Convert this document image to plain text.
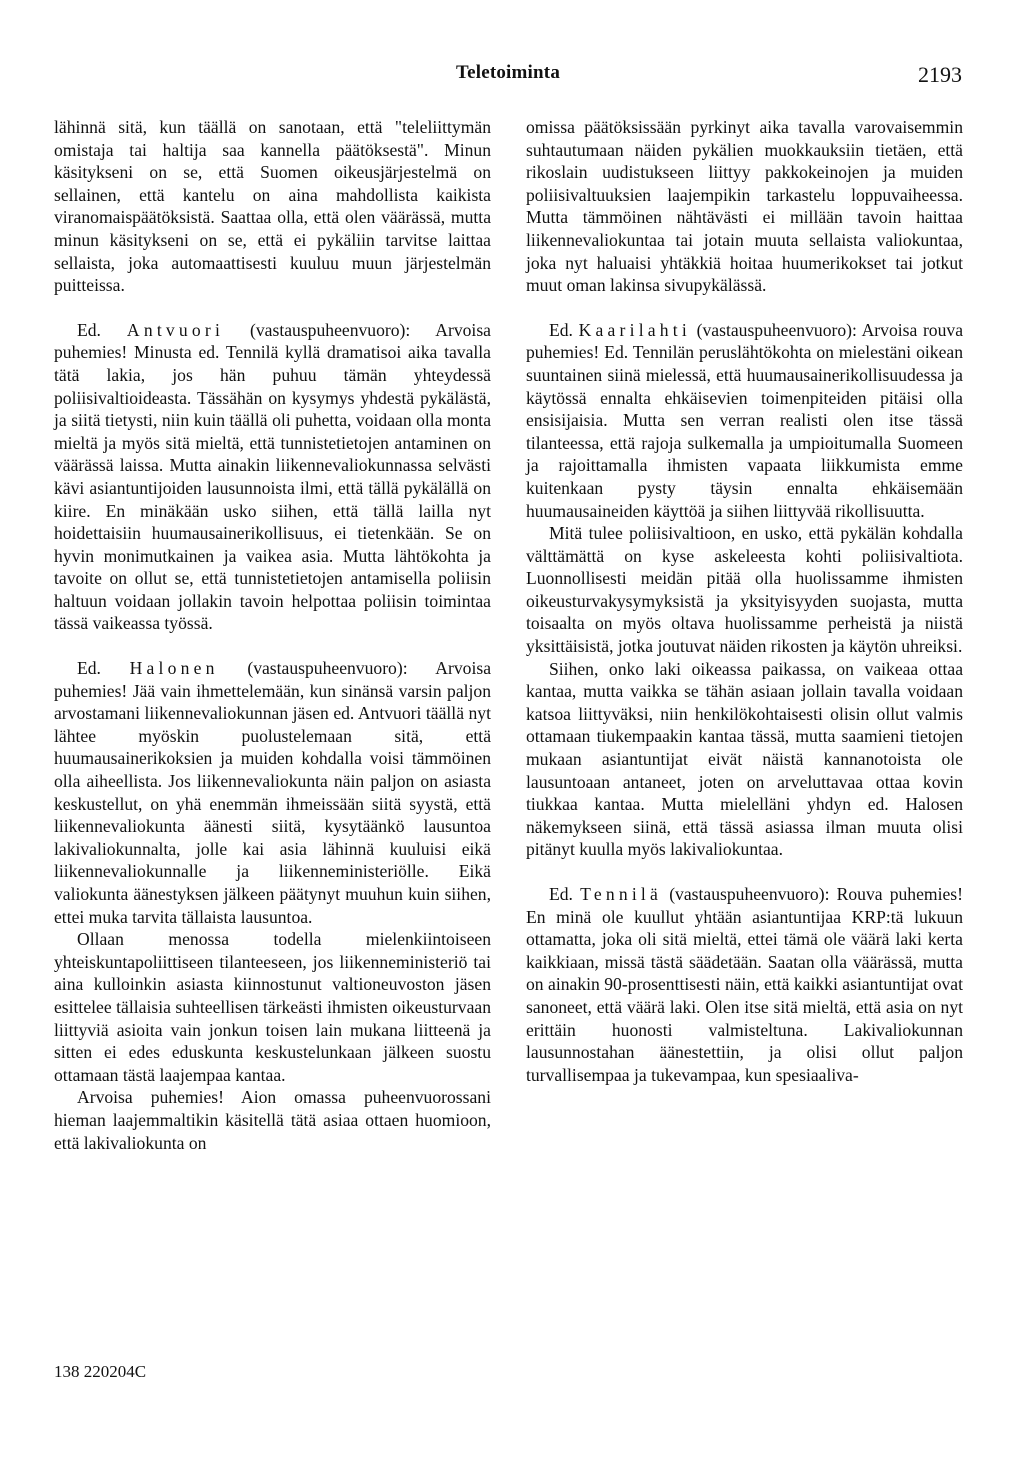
Teletoiminta	2193

lähinnä sitä, kun täällä on sanotaan, että "teleliittymän omistaja tai haltija saa kannella päätöksestä". Minun käsitykseni on se, että Suomen oikeusjärjestelmä on sellainen, että kantelu on aina mahdollista kaikista viranomaispäätöksistä. Saattaa olla, että olen väärässä, mutta minun käsitykseni on se, että ei pykäliin tarvitse laittaa sellaista, joka automaattisesti kuuluu muun järjestelmän puitteissa.

Ed. Antvuori (vastauspuheenvuoro): Arvoisa puhemies! Minusta ed. Tennilä kyllä dramatisoi aika tavalla tätä lakia, jos hän puhuu tämän yhteydessä poliisivaltioideasta. Tässähän on kysymys yhdestä pykälästä, ja siitä tietysti, niin kuin täällä oli puhetta, voidaan olla monta mieltä ja myös sitä mieltä, että tunnistetietojen antaminen on väärässä laissa. Mutta ainakin liikennevaliokunnassa selvästi kävi asiantuntijoiden lausunnoista ilmi, että tällä pykälällä on kiire. En minäkään usko siihen, että tällä lailla nyt hoidettaisiin huumausainerikollisuus, ei tietenkään. Se on hyvin monimutkainen ja vaikea asia. Mutta lähtökohta ja tavoite on ollut se, että tunnistetietojen antamisella poliisin haltuun voidaan jollakin tavoin helpottaa poliisin toimintaa tässä vaikeassa työssä.

Ed. Halonen (vastauspuheenvuoro): Arvoisa puhemies! Jää vain ihmettelemään, kun sinänsä varsin paljon arvostamani liikennevaliokunnan jäsen ed. Antvuori täällä nyt lähtee myöskin puolustelemaan sitä, että huumausainerikoksien ja muiden kohdalla voisi tämmöinen olla aiheellista. Jos liikennevaliokunta näin paljon on asiasta keskustellut, on yhä enemmän ihmeissään siitä syystä, että liikennevaliokunta äänesti siitä, kysytäänkö lausuntoa lakivaliokunnalta, jolle kai asia lähinnä kuuluisi eikä liikennevaliokunnalle ja liikenneministeriölle. Eikä valiokunta äänestyksen jälkeen päätynyt muuhun kuin siihen, ettei muka tarvita tällaista lausuntoa.

Ollaan menossa todella mielenkiintoiseen yhteiskuntapoliittiseen tilanteeseen, jos liikenneministeriö tai aina kulloinkin asiasta kiinnostunut valtioneuvoston jäsen esittelee tällaisia suhteellisen tärkeästi ihmisten oikeusturvaan liittyviä asioita vain jonkun toisen lain mukana liitteenä ja sitten ei edes eduskunta keskustelunkaan jälkeen suostu ottamaan tästä laajempaa kantaa.

Arvoisa puhemies! Aion omassa puheenvuorossani hieman laajemmaltikin käsitellä tätä asiaa ottaen huomioon, että lakivaliokunta on

omissa päätöksissään pyrkinyt aika tavalla varovaisemmin suhtautumaan näiden pykälien muokkauksiin tietäen, että rikoslain uudistukseen liittyy pakkokeinojen ja muiden poliisivaltuuksien laajempikin tarkastelu loppuvaiheessa. Mutta tämmöinen nähtävästi ei millään tavoin haittaa liikennevaliokuntaa tai jotain muuta sellaista valiokuntaa, joka nyt haluaisi yhtäkkiä hoitaa huumerikokset tai jotkut muut oman lakinsa sivupykälässä.

Ed. Kaarilahti (vastauspuheenvuoro): Arvoisa rouva puhemies! Ed. Tennilän peruslähtökohta on mielestäni oikean suuntainen siinä mielessä, että huumausainerikollisuudessa ja käytössä ennalta ehkäisevien toimenpiteiden pitäisi olla ensisijaisia. Mutta sen verran realisti olen itse tässä tilanteessa, että rajoja sulkemalla ja umpioitumalla Suomeen ja rajoittamalla ihmisten vapaata liikkumista emme kuitenkaan pysty täysin ennalta ehkäisemään huumausaineiden käyttöä ja siihen liittyvää rikollisuutta.

Mitä tulee poliisivaltioon, en usko, että pykälän kohdalla välttämättä on kyse askeleesta kohti poliisivaltiota. Luonnollisesti meidän pitää olla huolissamme ihmisten oikeusturvakysymyksistä ja yksityisyyden suojasta, mutta toisaalta on myös oltava huolissamme perheistä ja niistä yksittäisistä, jotka joutuvat näiden rikosten ja käytön uhreiksi.

Siihen, onko laki oikeassa paikassa, on vaikeaa ottaa kantaa, mutta vaikka se tähän asiaan jollain tavalla voidaan katsoa liittyväksi, niin henkilökohtaisesti olisin ollut valmis ottamaan tiukempaakin kantaa tässä, mutta saamieni tietojen mukaan asiantuntijat eivät näistä kannanotoista ole lausuntoaan antaneet, joten on arveluttavaa ottaa kovin tiukkaa kantaa. Mutta mielelläni yhdyn ed. Halosen näkemykseen siinä, että tässä asiassa ilman muuta olisi pitänyt kuulla myös lakivaliokuntaa.

Ed. Tennilä (vastauspuheenvuoro): Rouva puhemies! En minä ole kuullut yhtään asiantuntijaa KRP:tä lukuun ottamatta, joka oli sitä mieltä, ettei tämä ole väärä laki kerta kaikkiaan, missä tästä säädetään. Saatan olla väärässä, mutta on ainakin 90-prosenttisesti näin, että kaikki asiantuntijat ovat sanoneet, että väärä laki. Olen itse sitä mieltä, että asia on nyt erittäin huonosti valmisteltuna. Lakivaliokunnan lausunnostahan äänestettiin, ja olisi ollut paljon turvallisempaa ja tukevampaa, kun spesiaaliva-

138 220204C
